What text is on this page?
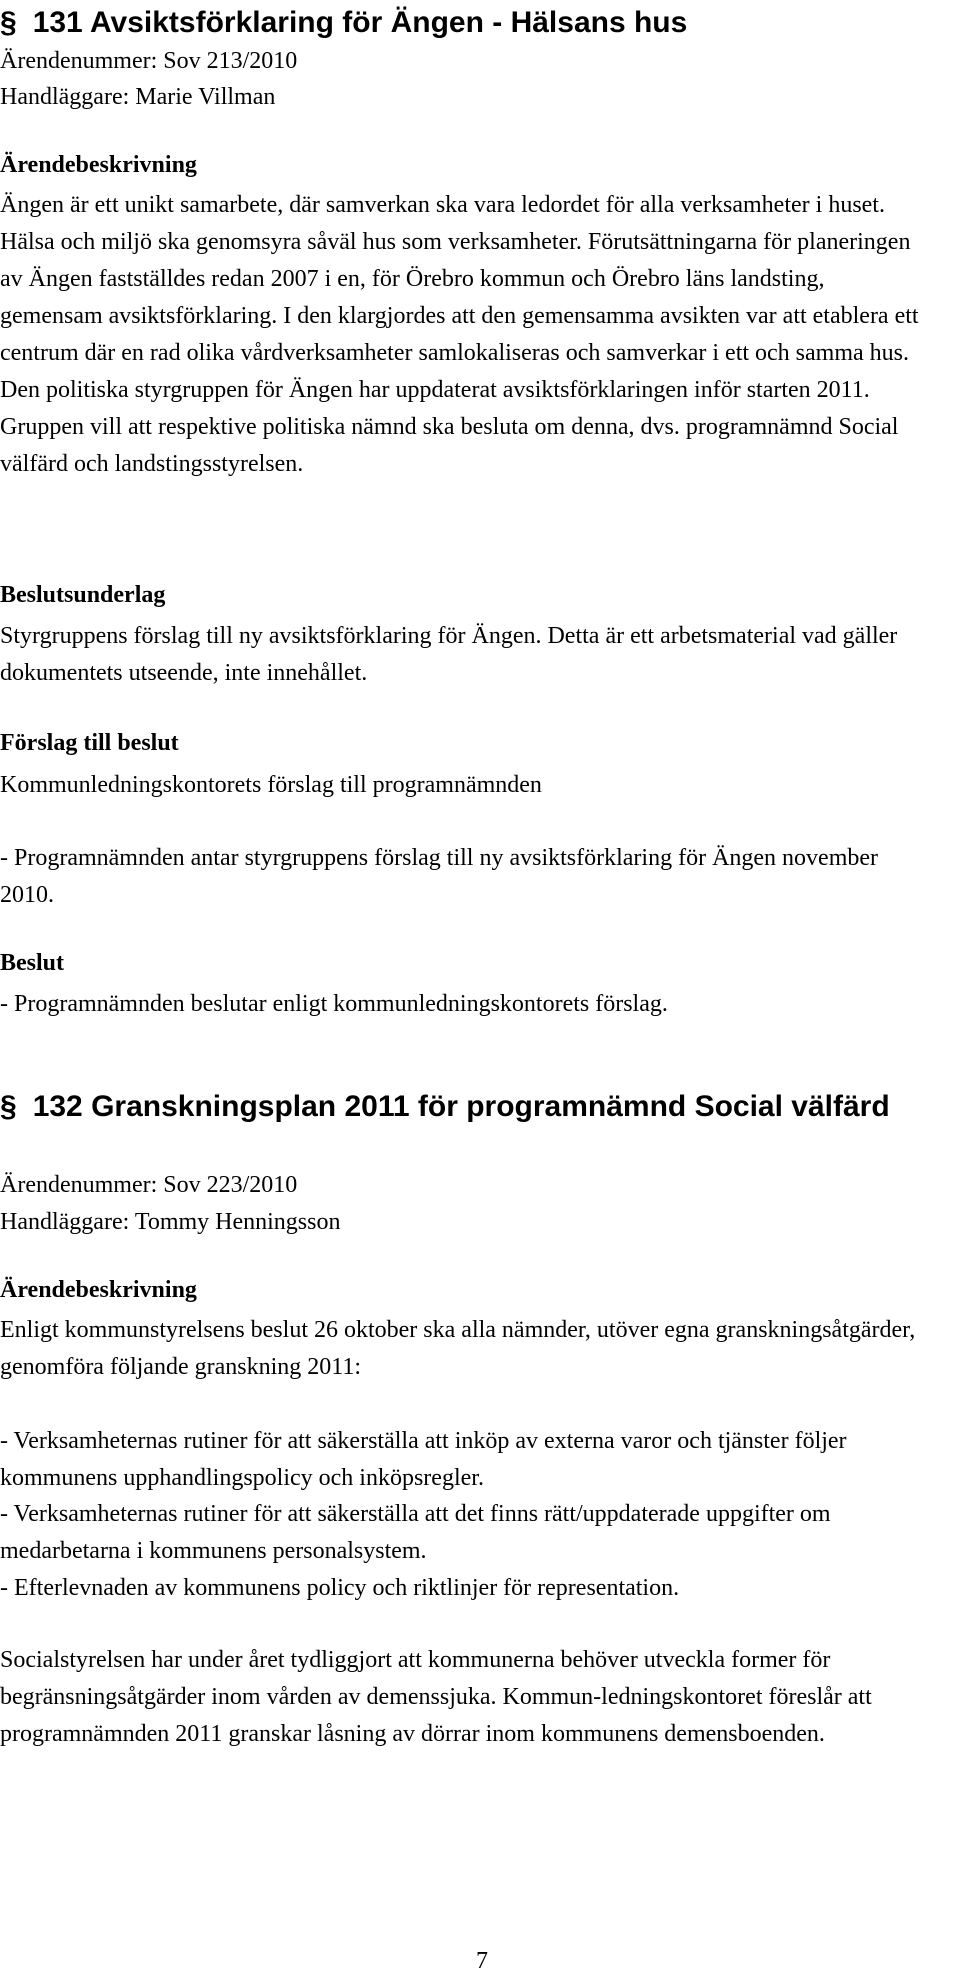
§ 131 Avsiktsförklaring för Ängen - Hälsans hus

Ärendenummer: Sov 213/2010

Handläggare: Marie Villman

Ärendebeskrivning

Ängen är ett unikt samarbete, där samverkan ska vara ledordet för alla verksamheter i huset. Hälsa och miljö ska genomsyra såväl hus som verksamheter. Förutsättningarna för planeringen av Ängen fastställdes redan 2007 i en, för Örebro kommun och Örebro läns landsting, gemensam avsiktsförklaring. I den klargjordes att den gemensamma avsikten var att etablera ett centrum där en rad olika vårdverksamheter samlokaliseras och samverkar i ett och samma hus. Den politiska styrgruppen för Ängen har uppdaterat avsiktsförklaringen inför starten 2011. Gruppen vill att respektive politiska nämnd ska besluta om denna, dvs. programnämnd Social välfärd och landstingsstyrelsen.

Beslutsunderlag

Styrgruppens förslag till ny avsiktsförklaring för Ängen. Detta är ett arbetsmaterial vad gäller dokumentets utseende, inte innehållet.

Förslag till beslut

Kommunledningskontorets förslag till programnämnden

- Programnämnden antar styrgruppens förslag till ny avsiktsförklaring för Ängen november 2010.

Beslut

- Programnämnden beslutar enligt kommunledningskontorets förslag.

§ 132 Granskningsplan 2011 för programnämnd Social välfärd

Ärendenummer: Sov 223/2010

Handläggare: Tommy Henningsson

Ärendebeskrivning

Enligt kommunstyrelsens beslut 26 oktober ska alla nämnder, utöver egna granskningsåtgärder, genomföra följande granskning 2011:

- Verksamheternas rutiner för att säkerställa att inköp av externa varor och tjänster följer kommunens upphandlingspolicy och inköpsregler.

- Verksamheternas rutiner för att säkerställa att det finns rätt/uppdaterade uppgifter om medarbetarna i kommunens personalsystem.

- Efterlevnaden av kommunens policy och riktlinjer för representation.

Socialstyrelsen har under året tydliggjort att kommunerna behöver utveckla former för begränsningsåtgärder inom vården av demenssjuka. Kommun-ledningskontoret föreslår att programnämnden 2011 granskar låsning av dörrar inom kommunens demensboenden.

7
